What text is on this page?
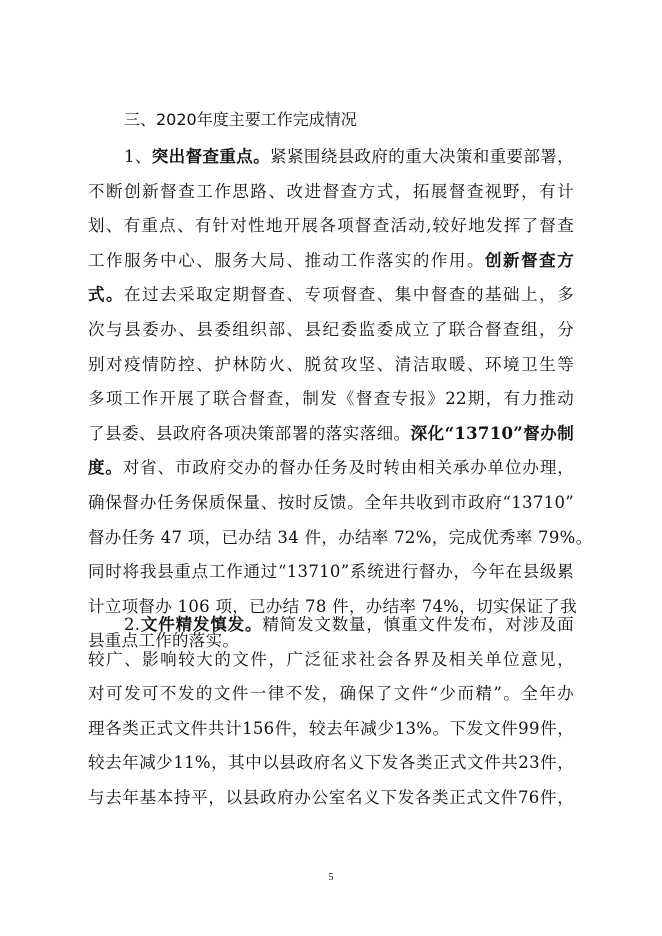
三、2020年度主要工作完成情况
1、突出督查重点。紧紧围绕县政府的重大决策和重要部署，
不断创新督查工作思路、改进督查方式，拓展督查视野，有计
划、有重点、有针对性地开展各项督查活动,较好地发挥了督查
工作服务中心、服务大局、推动工作落实的作用。创新督查方
式。在过去采取定期督查、专项督查、集中督查的基础上，多
次与县委办、县委组织部、县纪委监委成立了联合督查组，分
别对疫情防控、护林防火、脱贫攻坚、清洁取暖、环境卫生等
多项工作开展了联合督查，制发《督查专报》22期，有力推动
了县委、县政府各项决策部署的落实落细。深化“13710”督办制
度。对省、市政府交办的督办任务及时转由相关承办单位办理，
确保督办任务保质保量、按时反馈。全年共收到市政府“13710”
督办任务 47 项，已办结 34 件，办结率 72%，完成优秀率 79%。
同时将我县重点工作通过“13710”系统进行督办，今年在县级累
计立项督办 106 项，已办结 78 件，办结率 74%，切实保证了我
县重点工作的落实。
2.文件精发慎发。精简发文数量，慎重文件发布，对涉及面
较广、影响较大的文件，广泛征求社会各界及相关单位意见，
对可发可不发的文件一律不发，确保了文件“少而精”。全年办
理各类正式文件共计156件，较去年减少13%。下发文件99件，
较去年减少11%，其中以县政府名义下发各类正式文件共23件，
与去年基本持平，以县政府办公室名义下发各类正式文件76件，
5
